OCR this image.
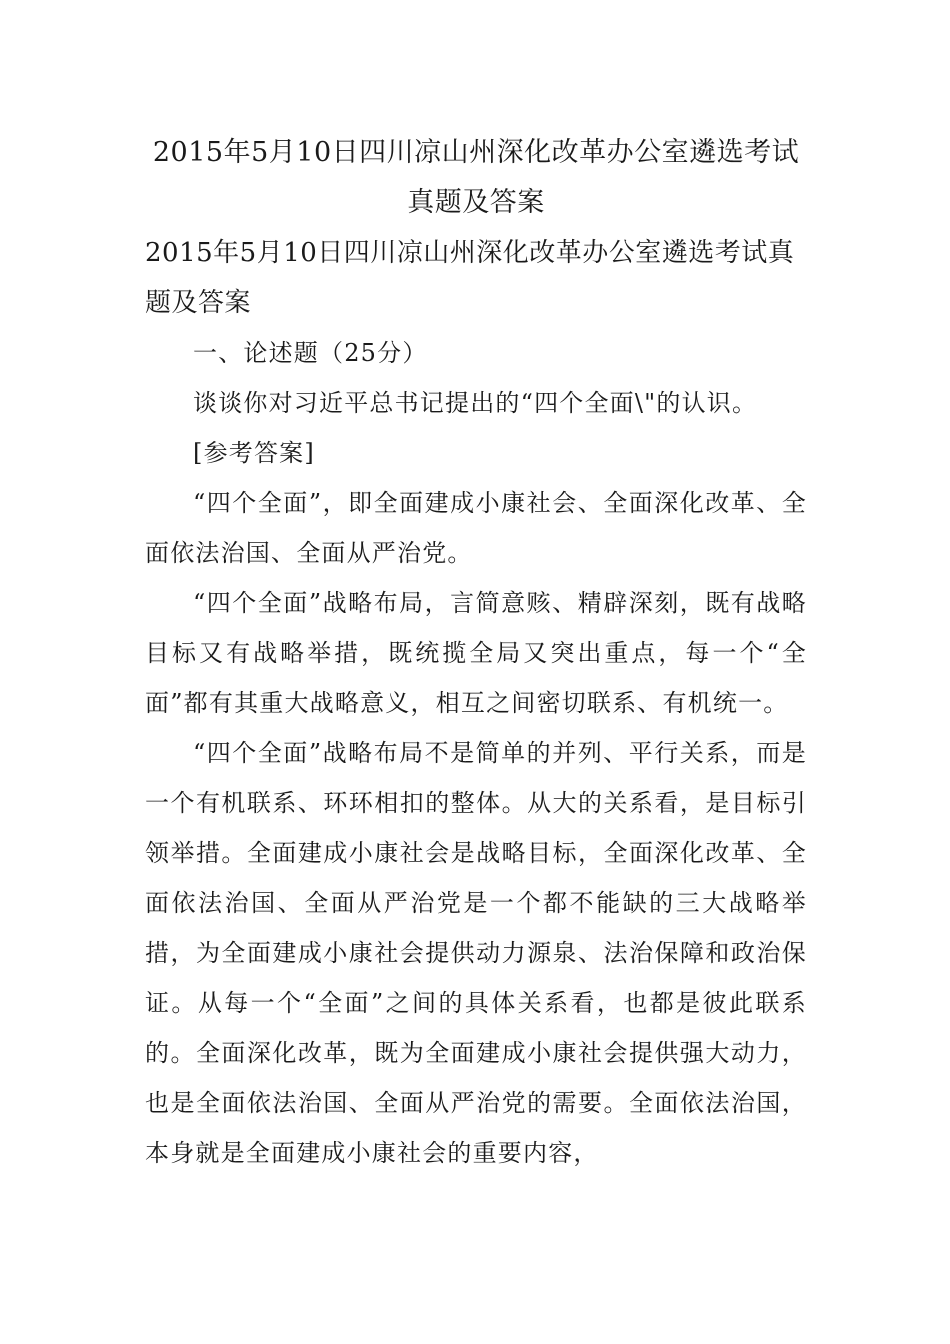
2015年5月10日四川凉山州深化改革办公室遴选考试真题及答案

2015年5月10日四川凉山州深化改革办公室遴选考试真题及答案

一、论述题（25分）

谈谈你对习近平总书记提出的“四个全面\"的认识。

[参考答案]

“四个全面”，即全面建成小康社会、全面深化改革、全面依法治国、全面从严治党。

“四个全面”战略布局，言简意赅、精辟深刻，既有战略目标又有战略举措，既统揽全局又突出重点，每一个“全面”都有其重大战略意义，相互之间密切联系、有机统一。

“四个全面”战略布局不是简单的并列、平行关系，而是一个有机联系、环环相扣的整体。从大的关系看，是目标引领举措。全面建成小康社会是战略目标，全面深化改革、全面依法治国、全面从严治党是一个都不能缺的三大战略举措，为全面建成小康社会提供动力源泉、法治保障和政治保证。从每一个“全面”之间的具体关系看，也都是彼此联系的。全面深化改革，既为全面建成小康社会提供强大动力，也是全面依法治国、全面从严治党的需要。全面依法治国，本身就是全面建成小康社会的重要内容，
